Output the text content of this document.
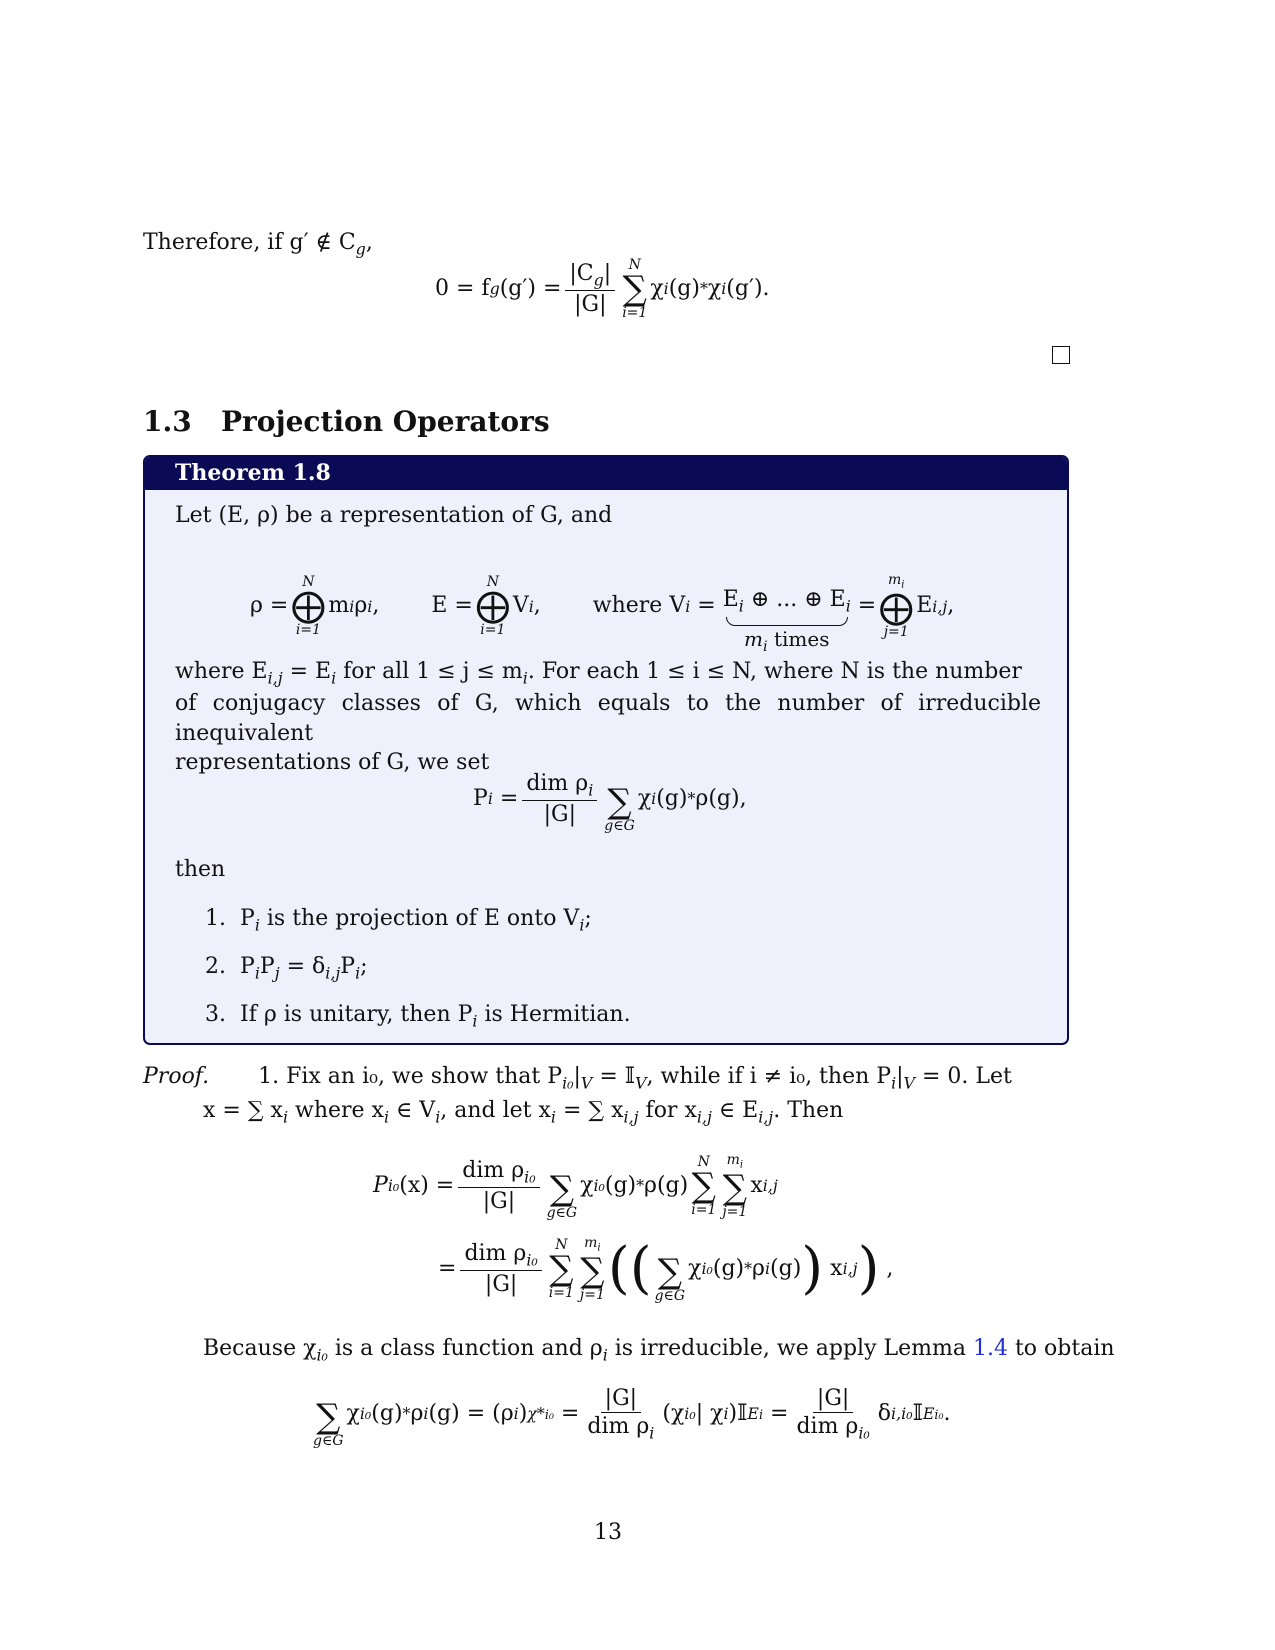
Therefore, if g′ ∉ $C_g$,
0 = f g $(g') = \frac{|C_g|}{|G|}$ N
∑
i=1
χ i (g) * χ i (g′).
1.3 Projection Operators
Theorem 1.8
Let (E, ρ) be a representation of G, and
ρ =
N
⨁
i=1
m i ρ i , E =
N
⨁
i=1
V i , where V i
=
$E_i$ ⊕ ... ⊕ $E_i$
$m_i$ times
=
$m_i$
⨁
j=1
E i,j ,
where $E_{i,j} = E_i$ for all $1 \le j \le m_i$. For each 1 ≤ i ≤ N, where N is the number
of conjugacy classes of G, which equals to the number of irreducible inequivalent
representations of G, we set
P $i = \frac{dim \rho_i}{|G|}$ ∑
g∈G
χ i (g) * ρ(g),
then
1. $P_i$ is the projection of E onto $V_i$;
2. $P_iP_j = \delta_{i,j}P_i$;
3. If ρ is unitary, then $P_i$ is Hermitian.
Proof. 1. Fix an i₀, we show that $P_{i_0}|_V$ = 𝕀$_V$, while if i ≠ i₀, then $P_i|_V = 0$. Let
x = ∑ $x_i$ where $x_i$ ∈ $V_i$, and let $x_i$ = ∑ $x_{i,j}$ for $x_{i,j}$ ∈ $E_{i,j}$. Then
P i₀ $(x) = \frac{dim \rho_{i_0}}{|G|}$ ∑
g∈G
χ i₀ (g) * ρ(g)
N
∑
i=1
$m_i$
∑
j=1
x i,j
= $\frac{dim \rho_{i_0}}{|G|}$ N
∑
i=1
$m_i$
∑
j=1 (( ∑
g∈G
χ i₀ (g) * ρ i (g) ) x i,j ) ,
Because $\chi_{i_0}$ is a class function and $\rho_i$ is irreducible, we apply Lemma 1.4 to obtain
∑
g∈G
χ i₀ (g) * ρ i (g) = (ρ i ) $\chi*i_0 = \frac{|G|}{dim \rho_i} (\chi$ i₀ | χ i )𝕀 $Ei = \frac{|G|}{dim \rho_{i_0}}$ δ i,i₀ 𝕀 Ei₀ .
13
